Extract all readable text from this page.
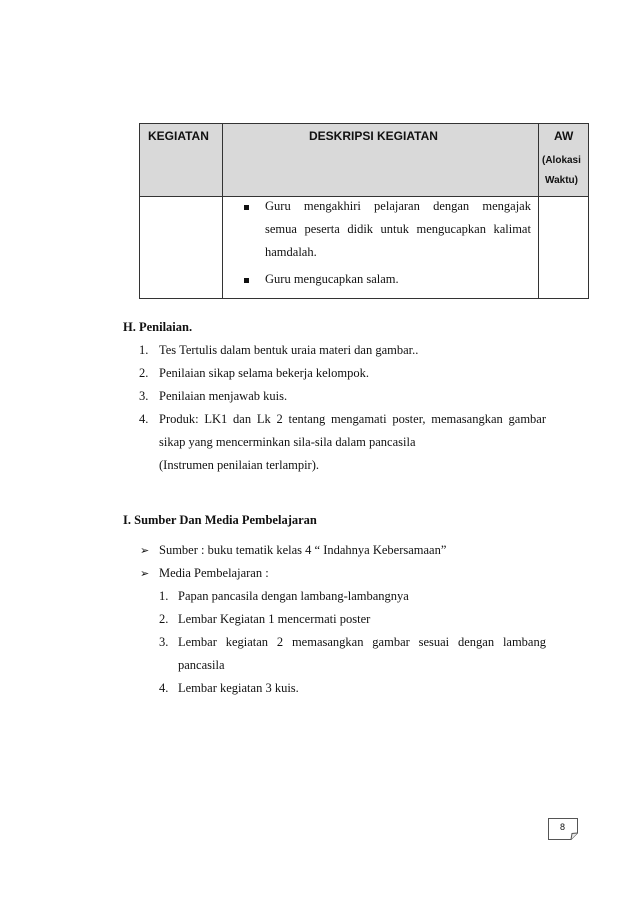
KEGIATAN	DESKRIPSI KEGIATAN	AW
(Alokasi
Waktu)
Guru mengakhiri pelajaran dengan mengajak
semua peserta didik untuk mengucapkan kalimat
hamdalah.
Guru mengucapkan salam.
H. Penilaian.
1. Tes Tertulis dalam bentuk uraia materi dan gambar..
2. Penilaian sikap selama bekerja kelompok.
3. Penilaian menjawab kuis.
4. Produk: LK1 dan Lk 2 tentang mengamati poster, memasangkan gambar
sikap yang mencerminkan sila-sila dalam pancasila
(Instrumen penilaian terlampir).
I. Sumber Dan Media Pembelajaran
➢ Sumber : buku tematik kelas 4 “ Indahnya Kebersamaan”
➢ Media Pembelajaran :
1. Papan pancasila dengan lambang-lambangnya
2. Lembar Kegiatan 1 mencermati poster
3. Lembar kegiatan 2 memasangkan gambar sesuai dengan lambang
pancasila
4. Lembar kegiatan 3 kuis.
8
